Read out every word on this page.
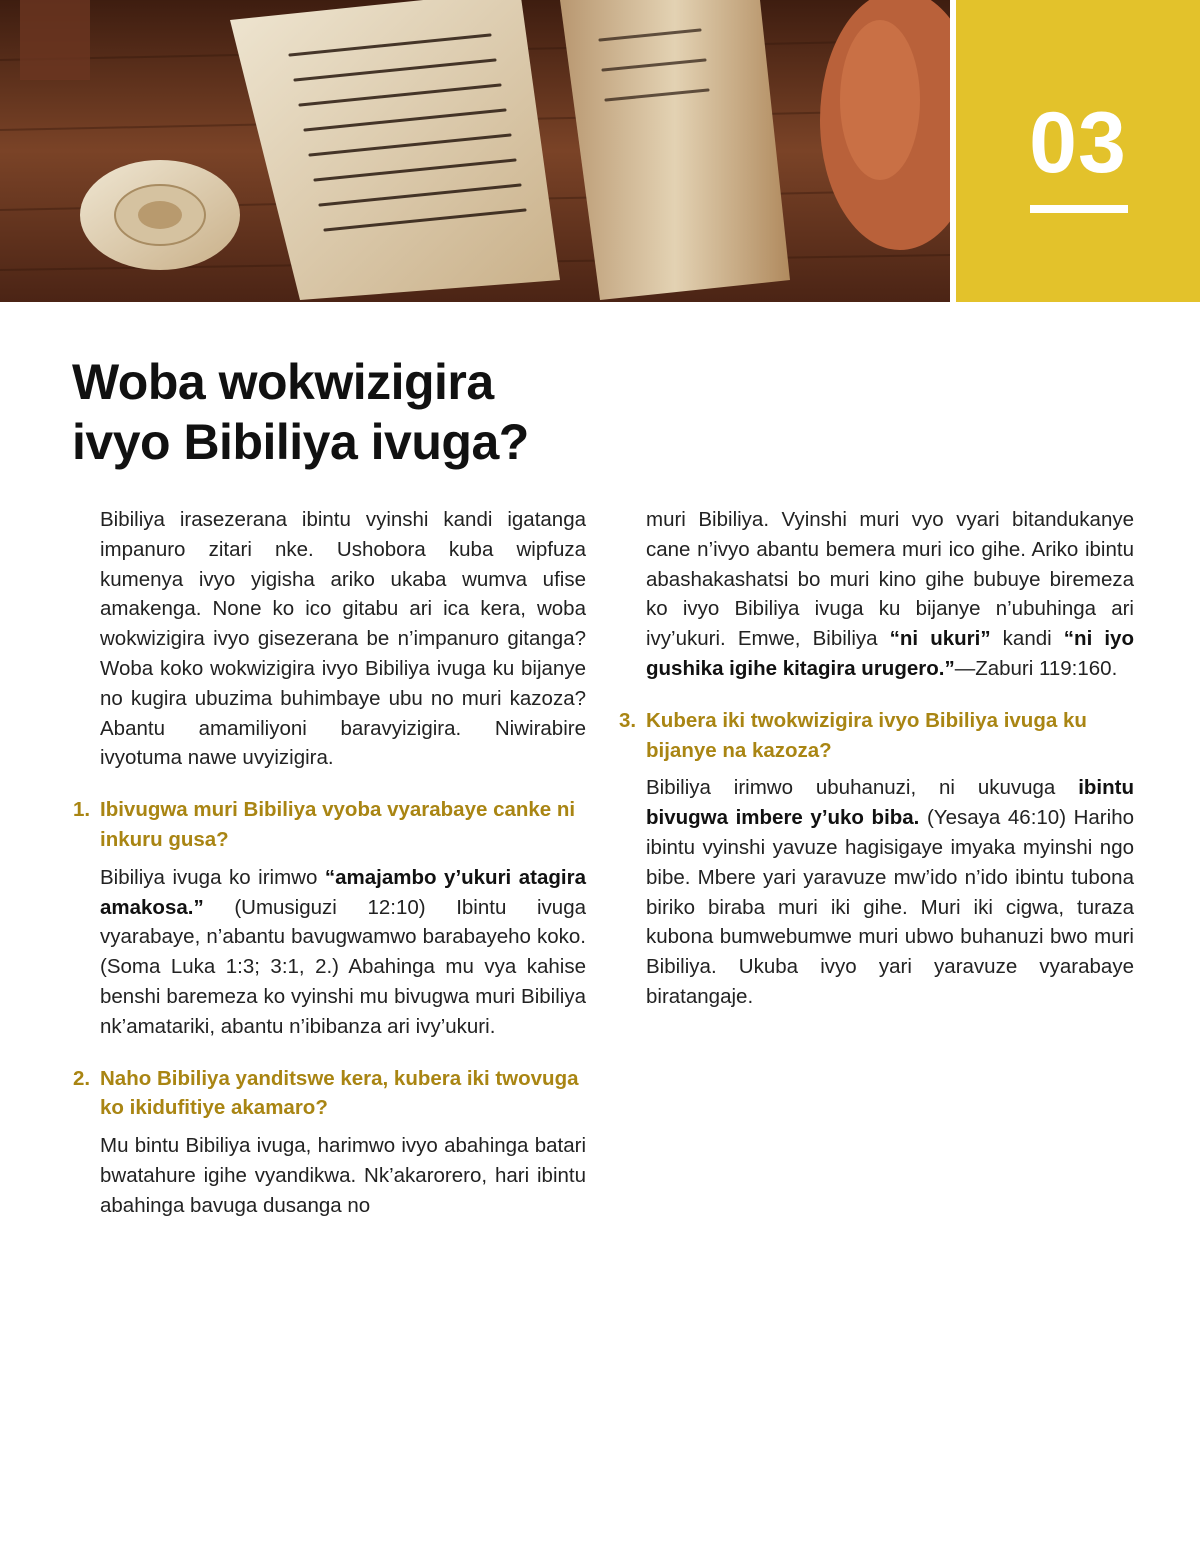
03
Woba wokwizigira
ivyo Bibiliya ivuga?

Bibiliya irasezerana ibintu vyinshi kandi igatanga impanuro zitari nke. Ushobora kuba wipfuza kumenya ivyo yigisha ariko ukaba wumva ufise amakenga. None ko ico gitabu ari ica kera, woba wokwizigira ivyo gisezerana be n’impanuro gitanga? Woba koko wokwizigira ivyo Bibiliya ivuga ku bijanye no kugira ubuzima buhimbaye ubu no muri kazoza? Abantu amamiliyoni baravyizigira. Niwirabire ivyotuma nawe uvyizigira.

1. Ibivugwa muri Bibiliya vyoba vyarabaye canke ni inkuru gusa?

Bibiliya ivuga ko irimwo “amajambo y’ukuri atagira amakosa.” (Umusiguzi 12:10) Ibintu ivuga vyarabaye, n’abantu bavugwamwo barabayeho koko. (Soma Luka 1:3; 3:1, 2.) Abahinga mu vya kahise benshi baremeza ko vyinshi mu bivugwa muri Bibiliya nk’amatariki, abantu n’ibibanza ari ivy’ukuri.

2. Naho Bibiliya yanditswe kera, kubera iki twovuga ko ikidufitiye akamaro?

Mu bintu Bibiliya ivuga, harimwo ivyo abahinga batari bwatahure igihe vyandikwa. Nk’akarorero, hari ibintu abahinga bavuga dusanga no

muri Bibiliya. Vyinshi muri vyo vyari bitandukanye cane n’ivyo abantu bemera muri ico gihe. Ariko ibintu abashakashatsi bo muri kino gihe bubuye biremeza ko ivyo Bibiliya ivuga ku bijanye n’ubuhinga ari ivy’ukuri. Emwe, Bibiliya “ni ukuri” kandi “ni iyo gushika igihe kitagira urugero.”—Zaburi 119:160.

3. Kubera iki twokwizigira ivyo Bibiliya ivuga ku bijanye na kazoza?

Bibiliya irimwo ubuhanuzi, ni ukuvuga ibintu bivugwa imbere y’uko biba. (Yesaya 46:10) Hariho ibintu vyinshi yavuze hagisigaye imyaka myinshi ngo bibe. Mbere yari yaravuze mw’ido n’ido ibintu tubona biriko biraba muri iki gihe. Muri iki cigwa, turaza kubona bumwebumwe muri ubwo buhanuzi bwo muri Bibiliya. Ukuba ivyo yari yaravuze vyarabaye biratangaje.
